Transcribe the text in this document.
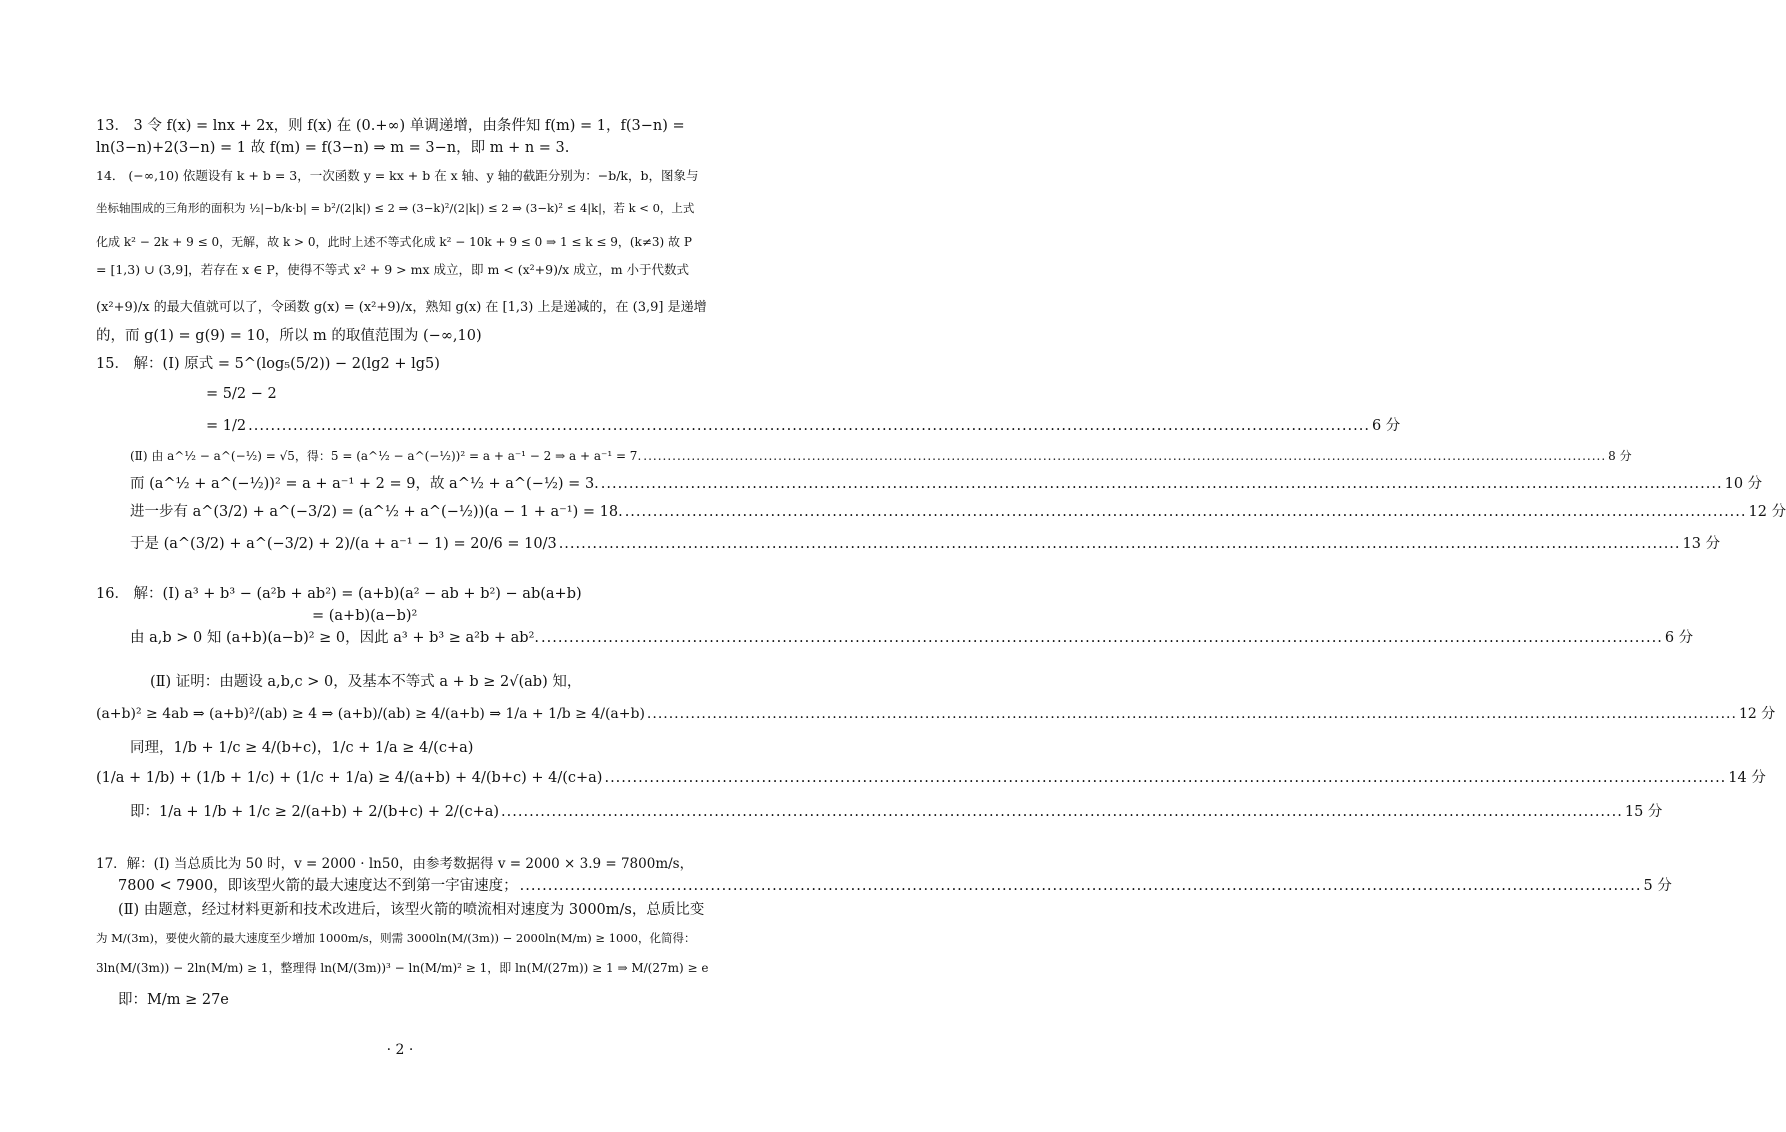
13． 3 令 f(x) = lnx + 2x，则 f(x) 在 (0.+∞) 单调递增，由条件知 f(m) = 1，f(3−n) =
ln(3−n)+2(3−n) = 1 故 f(m) = f(3−n) ⇒ m = 3−n，即 m + n = 3.
14． (−∞,10) 依题设有 k + b = 3，一次函数 y = kx + b 在 x 轴、y 轴的截距分别为：−b/k，b，图象与
坐标轴围成的三角形的面积为 ½|−b/k·b| = b²/(2|k|) ≤ 2 ⇒ (3−k)²/(2|k|) ≤ 2 ⇒ (3−k)² ≤ 4|k|，若 k < 0，上式
化成 k² − 2k + 9 ≤ 0，无解，故 k > 0，此时上述不等式化成 k² − 10k + 9 ≤ 0 ⇒ 1 ≤ k ≤ 9，(k≠3) 故 P
= [1,3) ∪ (3,9]，若存在 x ∈ P，使得不等式 x² + 9 > mx 成立，即 m < (x²+9)/x 成立，m 小于代数式
(x²+9)/x 的最大值就可以了，令函数 g(x) = (x²+9)/x，熟知 g(x) 在 [1,3) 上是递减的，在 (3,9] 是递增
的，而 g(1) = g(9) = 10，所以 m 的取值范围为 (−∞,10)
15． 解：(I) 原式 = 5^(log₅(5/2)) − 2(lg2 + lg5)
= 5/2 − 2
= 1/2 ........................................................................................................................................................................................................ 6 分
(Ⅱ) 由 a^½ − a^(−½) = √5，得：5 = (a^½ − a^(−½))² = a + a⁻¹ − 2 ⇒ a + a⁻¹ = 7. ........................................................................................................................................................................................................ 8 分
而 (a^½ + a^(−½))² = a + a⁻¹ + 2 = 9，故 a^½ + a^(−½) = 3. ........................................................................................................................................................................................................ 10 分
进一步有 a^(3/2) + a^(−3/2) = (a^½ + a^(−½))(a − 1 + a⁻¹) = 18. ........................................................................................................................................................................................................ 12 分
于是 (a^(3/2) + a^(−3/2) + 2)/(a + a⁻¹ − 1) = 20/6 = 10/3 ........................................................................................................................................................................................................ 13 分
16． 解：(I) a³ + b³ − (a²b + ab²) = (a+b)(a² − ab + b²) − ab(a+b)
= (a+b)(a−b)²
由 a,b > 0 知 (a+b)(a−b)² ≥ 0，因此 a³ + b³ ≥ a²b + ab². ........................................................................................................................................................................................................ 6 分
(Ⅱ) 证明：由题设 a,b,c > 0，及基本不等式 a + b ≥ 2√(ab) 知，
(a+b)² ≥ 4ab ⇒ (a+b)²/(ab) ≥ 4 ⇒ (a+b)/(ab) ≥ 4/(a+b) ⇒ 1/a + 1/b ≥ 4/(a+b) ........................................................................................................................................................................................................ 12 分
同理，1/b + 1/c ≥ 4/(b+c)，1/c + 1/a ≥ 4/(c+a)
(1/a + 1/b) + (1/b + 1/c) + (1/c + 1/a) ≥ 4/(a+b) + 4/(b+c) + 4/(c+a) ........................................................................................................................................................................................................ 14 分
即：1/a + 1/b + 1/c ≥ 2/(a+b) + 2/(b+c) + 2/(c+a) ........................................................................................................................................................................................................ 15 分
17．解：(I) 当总质比为 50 时，v = 2000 · ln50，由参考数据得 v = 2000 × 3.9 = 7800m/s，
7800 < 7900，即该型火箭的最大速度达不到第一宇宙速度； ........................................................................................................................................................................................................ 5 分
(Ⅱ) 由题意，经过材料更新和技术改进后，该型火箭的喷流相对速度为 3000m/s，总质比变
为 M/(3m)，要使火箭的最大速度至少增加 1000m/s，则需 3000ln(M/(3m)) − 2000ln(M/m) ≥ 1000，化简得：
3ln(M/(3m)) − 2ln(M/m) ≥ 1，整理得 ln(M/(3m))³ − ln(M/m)² ≥ 1，即 ln(M/(27m)) ≥ 1 ⇒ M/(27m) ≥ e
即：M/m ≥ 27e
· 2 ·
